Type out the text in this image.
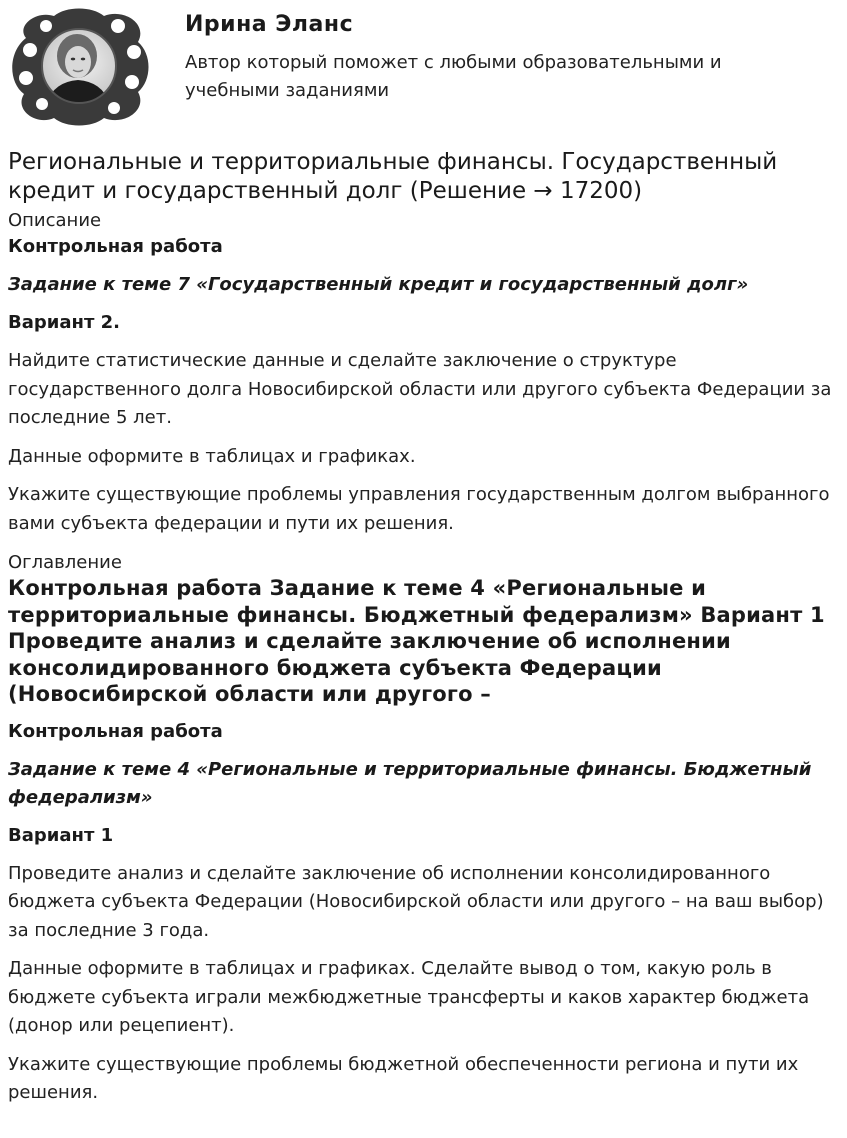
Ирина Эланс
Автор который поможет с любыми образовательными и учебными заданиями
Региональные и территориальные финансы. Государственный кредит и государственный долг (Решение → 17200)
Описание

Контрольная работа

Задание к теме 7 «Государственный кредит и государственный долг»

Вариант 2.

Найдите статистические данные и сделайте заключение о структуре государственного долга Новосибирской области или другого субъекта Федерации за последние 5 лет.

Данные оформите в таблицах и графиках.

Укажите существующие проблемы управления государственным долгом выбранного вами субъекта федерации и пути их решения.

Оглавление

Контрольная работа Задание к теме 4 «Региональные и территориальные финансы. Бюджетный федерализм» Вариант 1 Проведите анализ и сделайте заключение об исполнении консолидированного бюджета субъекта Федерации (Новосибирской области или другого –

Контрольная работа

Задание к теме 4 «Региональные и территориальные финансы. Бюджетный федерализм»

Вариант 1

Проведите анализ и сделайте заключение об исполнении консолидированного бюджета субъекта Федерации (Новосибирской области или другого – на ваш выбор) за последние 3 года.

Данные оформите в таблицах и графиках. Сделайте вывод о том, какую роль в бюджете субъекта играли межбюджетные трансферты и каков характер бюджета (донор или рецепиент).

Укажите существующие проблемы бюджетной обеспеченности региона и пути их решения.
